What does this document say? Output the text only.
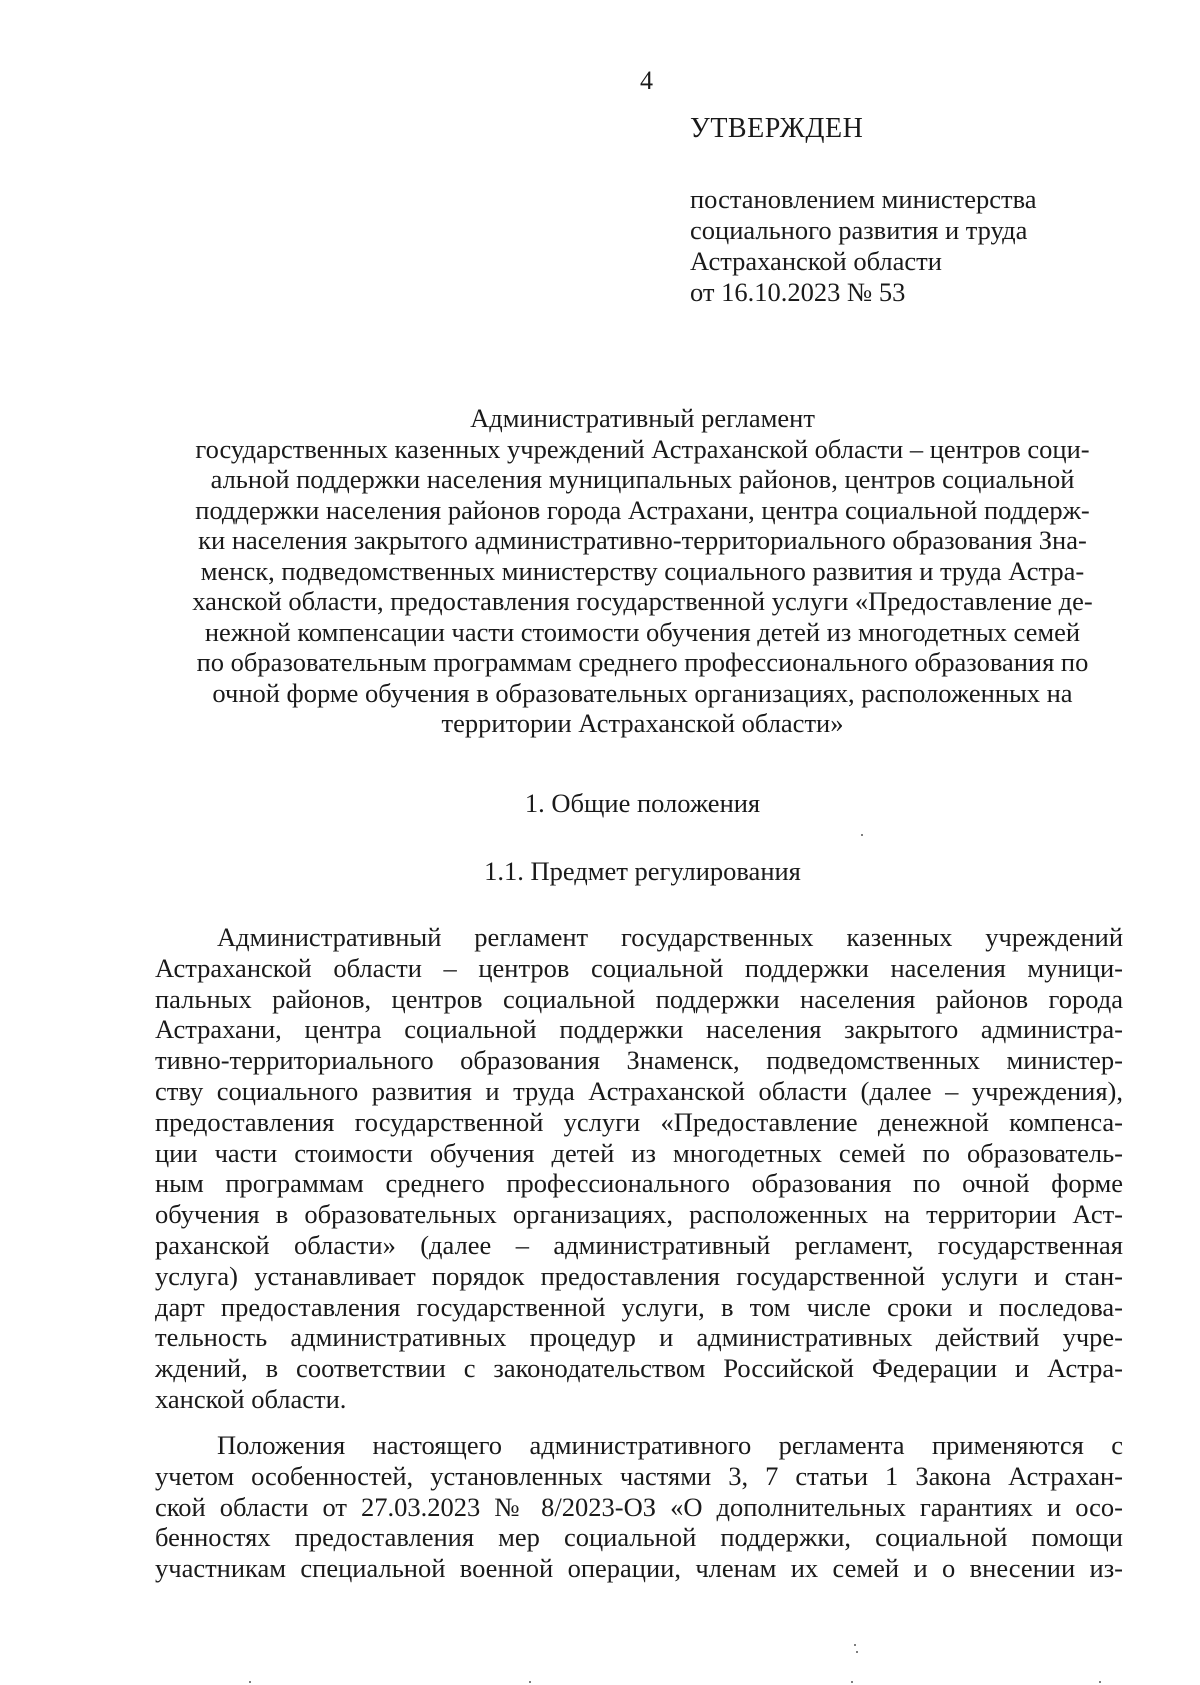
4
УТВЕРЖДЕН
постановлением министерства
социального развития и труда
Астраханской области
от 16.10.2023 № 53
Административный регламент
государственных казенных учреждений Астраханской области – центров соци-
альной поддержки населения муниципальных районов, центров социальной
поддержки населения районов города Астрахани, центра социальной поддерж-
ки населения закрытого административно-территориального образования Зна-
менск, подведомственных министерству социального развития и труда Астра-
ханской области, предоставления государственной услуги «Предоставление де-
нежной компенсации части стоимости обучения детей из многодетных семей
по образовательным программам среднего профессионального образования по
очной форме обучения в образовательных организациях, расположенных на
территории Астраханской области»
1. Общие положения
1.1. Предмет регулирования
Административный регламент государственных казенных учреждений
Астраханской области – центров социальной поддержки населения муници-
пальных районов, центров социальной поддержки населения районов города
Астрахани, центра социальной поддержки населения закрытого администра-
тивно-территориального образования Знаменск, подведомственных министер-
ству социального развития и труда Астраханской области (далее – учреждения),
предоставления государственной услуги «Предоставление денежной компенса-
ции части стоимости обучения детей из многодетных семей по образователь-
ным программам среднего профессионального образования по очной форме
обучения в образовательных организациях, расположенных на территории Аст-
раханской области» (далее – административный регламент, государственная
услуга) устанавливает порядок предоставления государственной услуги и стан-
дарт предоставления государственной услуги, в том числе сроки и последова-
тельность административных процедур и административных действий учре-
ждений, в соответствии с законодательством Российской Федерации и Астра-
ханской области.
Положения настоящего административного регламента применяются с
учетом особенностей, установленных частями 3, 7 статьи 1 Закона Астрахан-
ской области от 27.03.2023 № 8/2023-ОЗ «О дополнительных гарантиях и осо-
бенностях предоставления мер социальной поддержки, социальной помощи
участникам специальной военной операции, членам их семей и о внесении из-
